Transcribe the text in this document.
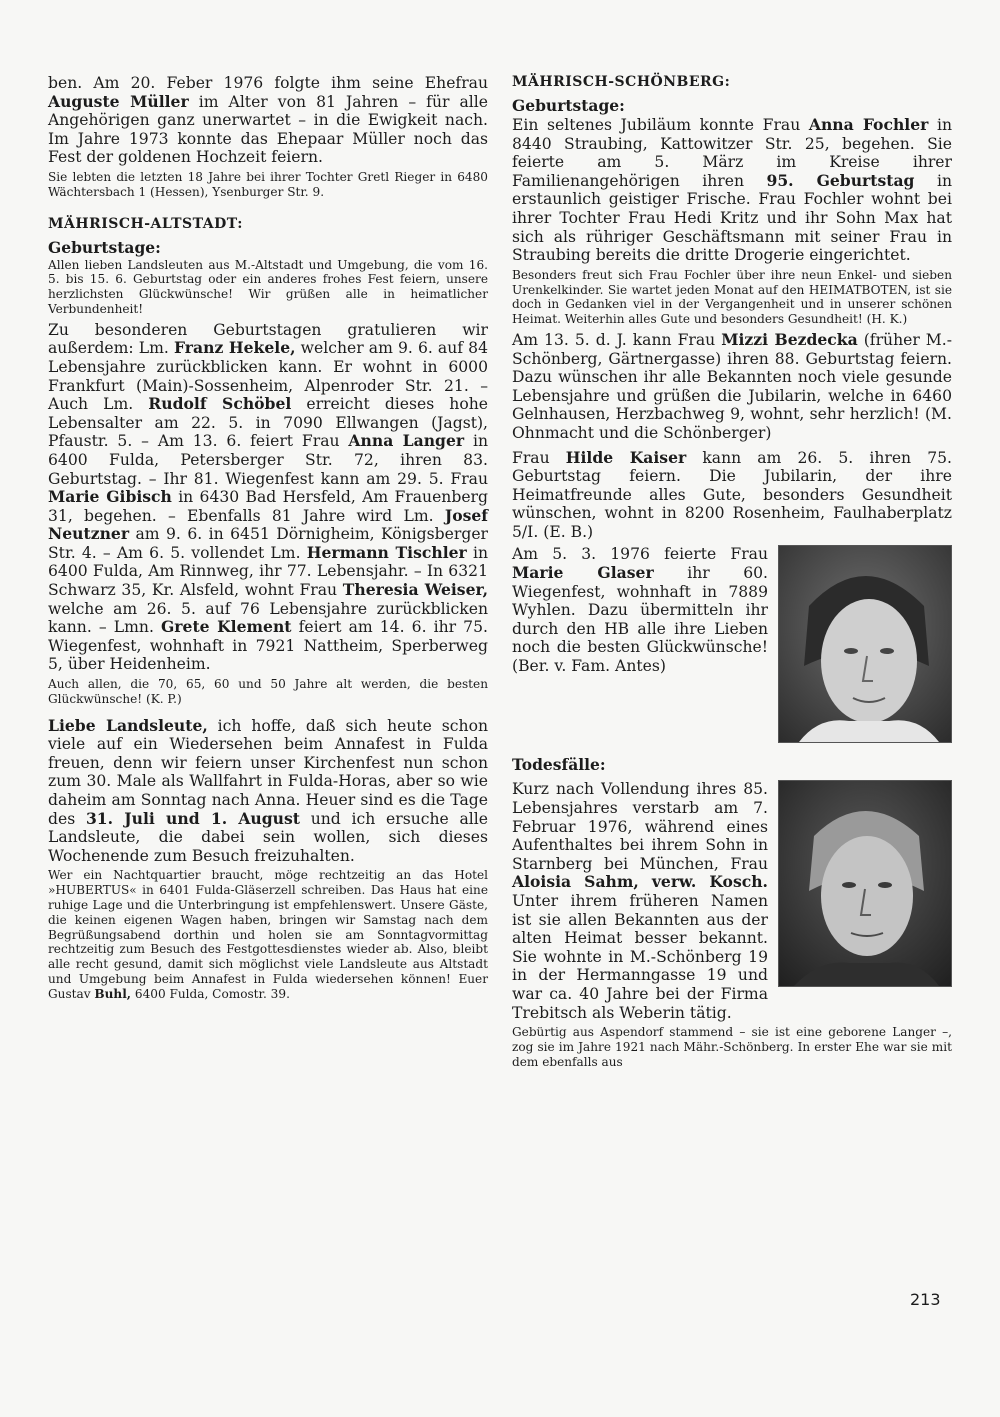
ben. Am 20. Feber 1976 folgte ihm seine Ehefrau Auguste Müller im Alter von 81 Jahren – für alle Angehörigen ganz unerwartet – in die Ewigkeit nach. Im Jahre 1973 konnte das Ehepaar Müller noch das Fest der goldenen Hochzeit feiern.

Sie lebten die letzten 18 Jahre bei ihrer Tochter Gretl Rieger in 6480 Wächtersbach 1 (Hessen), Ysenburger Str. 9.

MÄHRISCH-ALTSTADT:
Geburtstage:

Allen lieben Landsleuten aus M.-Altstadt und Umgebung, die vom 16. 5. bis 15. 6. Geburtstag oder ein anderes frohes Fest feiern, unsere herzlichsten Glückwünsche! Wir grüßen alle in heimatlicher Verbundenheit!

Zu besonderen Geburtstagen gratulieren wir außerdem: Lm. Franz Hekele, welcher am 9. 6. auf 84 Lebensjahre zurückblicken kann. Er wohnt in 6000 Frankfurt (Main)-Sossenheim, Alpenroder Str. 21. – Auch Lm. Rudolf Schöbel erreicht dieses hohe Lebensalter am 22. 5. in 7090 Ellwangen (Jagst), Pfaustr. 5. – Am 13. 6. feiert Frau Anna Langer in 6400 Fulda, Petersberger Str. 72, ihren 83. Geburtstag. – Ihr 81. Wiegenfest kann am 29. 5. Frau Marie Gibisch in 6430 Bad Hersfeld, Am Frauenberg 31, begehen. – Ebenfalls 81 Jahre wird Lm. Josef Neutzner am 9. 6. in 6451 Dörnigheim, Königsberger Str. 4. – Am 6. 5. vollendet Lm. Hermann Tischler in 6400 Fulda, Am Rinnweg, ihr 77. Lebensjahr. – In 6321 Schwarz 35, Kr. Alsfeld, wohnt Frau Theresia Weiser, welche am 26. 5. auf 76 Lebensjahre zurückblicken kann. – Lmn. Grete Klement feiert am 14. 6. ihr 75. Wiegenfest, wohnhaft in 7921 Nattheim, Sperberweg 5, über Heidenheim.

Auch allen, die 70, 65, 60 und 50 Jahre alt werden, die besten Glückwünsche! (K. P.)

Liebe Landsleute, ich hoffe, daß sich heute schon viele auf ein Wiedersehen beim Annafest in Fulda freuen, denn wir feiern unser Kirchenfest nun schon zum 30. Male als Wallfahrt in Fulda-Horas, aber so wie daheim am Sonntag nach Anna. Heuer sind es die Tage des 31. Juli und 1. August und ich ersuche alle Landsleute, die dabei sein wollen, sich dieses Wochenende zum Besuch freizuhalten.

Wer ein Nachtquartier braucht, möge rechtzeitig an das Hotel »HUBERTUS« in 6401 Fulda-Gläserzell schreiben. Das Haus hat eine ruhige Lage und die Unterbringung ist empfehlenswert. Unsere Gäste, die keinen eigenen Wagen haben, bringen wir Samstag nach dem Begrüßungsabend dorthin und holen sie am Sonntagvormittag rechtzeitig zum Besuch des Festgottesdienstes wieder ab. Also, bleibt alle recht gesund, damit sich möglichst viele Landsleute aus Altstadt und Umgebung beim Annafest in Fulda wiedersehen können! Euer Gustav Buhl, 6400 Fulda, Comostr. 39.

MÄHRISCH-SCHÖNBERG:
Geburtstage:

Ein seltenes Jubiläum konnte Frau Anna Fochler in 8440 Straubing, Kattowitzer Str. 25, begehen. Sie feierte am 5. März im Kreise ihrer Familienangehörigen ihren 95. Geburtstag in erstaunlich geistiger Frische. Frau Fochler wohnt bei ihrer Tochter Frau Hedi Kritz und ihr Sohn Max hat sich als rühriger Geschäftsmann mit seiner Frau in Straubing bereits die dritte Drogerie eingerichtet.

Besonders freut sich Frau Fochler über ihre neun Enkel- und sieben Urenkelkinder. Sie wartet jeden Monat auf den HEIMATBOTEN, ist sie doch in Gedanken viel in der Vergangenheit und in unserer schönen Heimat. Weiterhin alles Gute und besonders Gesundheit! (H. K.)

Am 13. 5. d. J. kann Frau Mizzi Bezdecka (früher M.-Schönberg, Gärtnergasse) ihren 88. Geburtstag feiern. Dazu wünschen ihr alle Bekannten noch viele gesunde Lebensjahre und grüßen die Jubilarin, welche in 6460 Gelnhausen, Herzbachweg 9, wohnt, sehr herzlich! (M. Ohnmacht und die Schönberger)

Frau Hilde Kaiser kann am 26. 5. ihren 75. Geburtstag feiern. Die Jubilarin, der ihre Heimatfreunde alles Gute, besonders Gesundheit wünschen, wohnt in 8200 Rosenheim, Faulhaberplatz 5/I. (E. B.)

Am 5. 3. 1976 feierte Frau Marie Glaser ihr 60. Wiegenfest, wohnhaft in 7889 Wyhlen. Dazu übermitteln ihr durch den HB alle ihre Lieben noch die besten Glückwünsche! (Ber. v. Fam. Antes)

Todesfälle:

Kurz nach Vollendung ihres 85. Lebensjahres verstarb am 7. Februar 1976, während eines Aufenthaltes bei ihrem Sohn in Starnberg bei München, Frau Aloisia Sahm, verw. Kosch. Unter ihrem früheren Namen ist sie allen Bekannten aus der alten Heimat besser bekannt. Sie wohnte in M.-Schönberg 19 in der Hermanngasse 19 und war ca. 40 Jahre bei der Firma Trebitsch als Weberin tätig.

Gebürtig aus Aspendorf stammend – sie ist eine geborene Langer –, zog sie im Jahre 1921 nach Mähr.-Schönberg. In erster Ehe war sie mit dem ebenfalls aus

213
